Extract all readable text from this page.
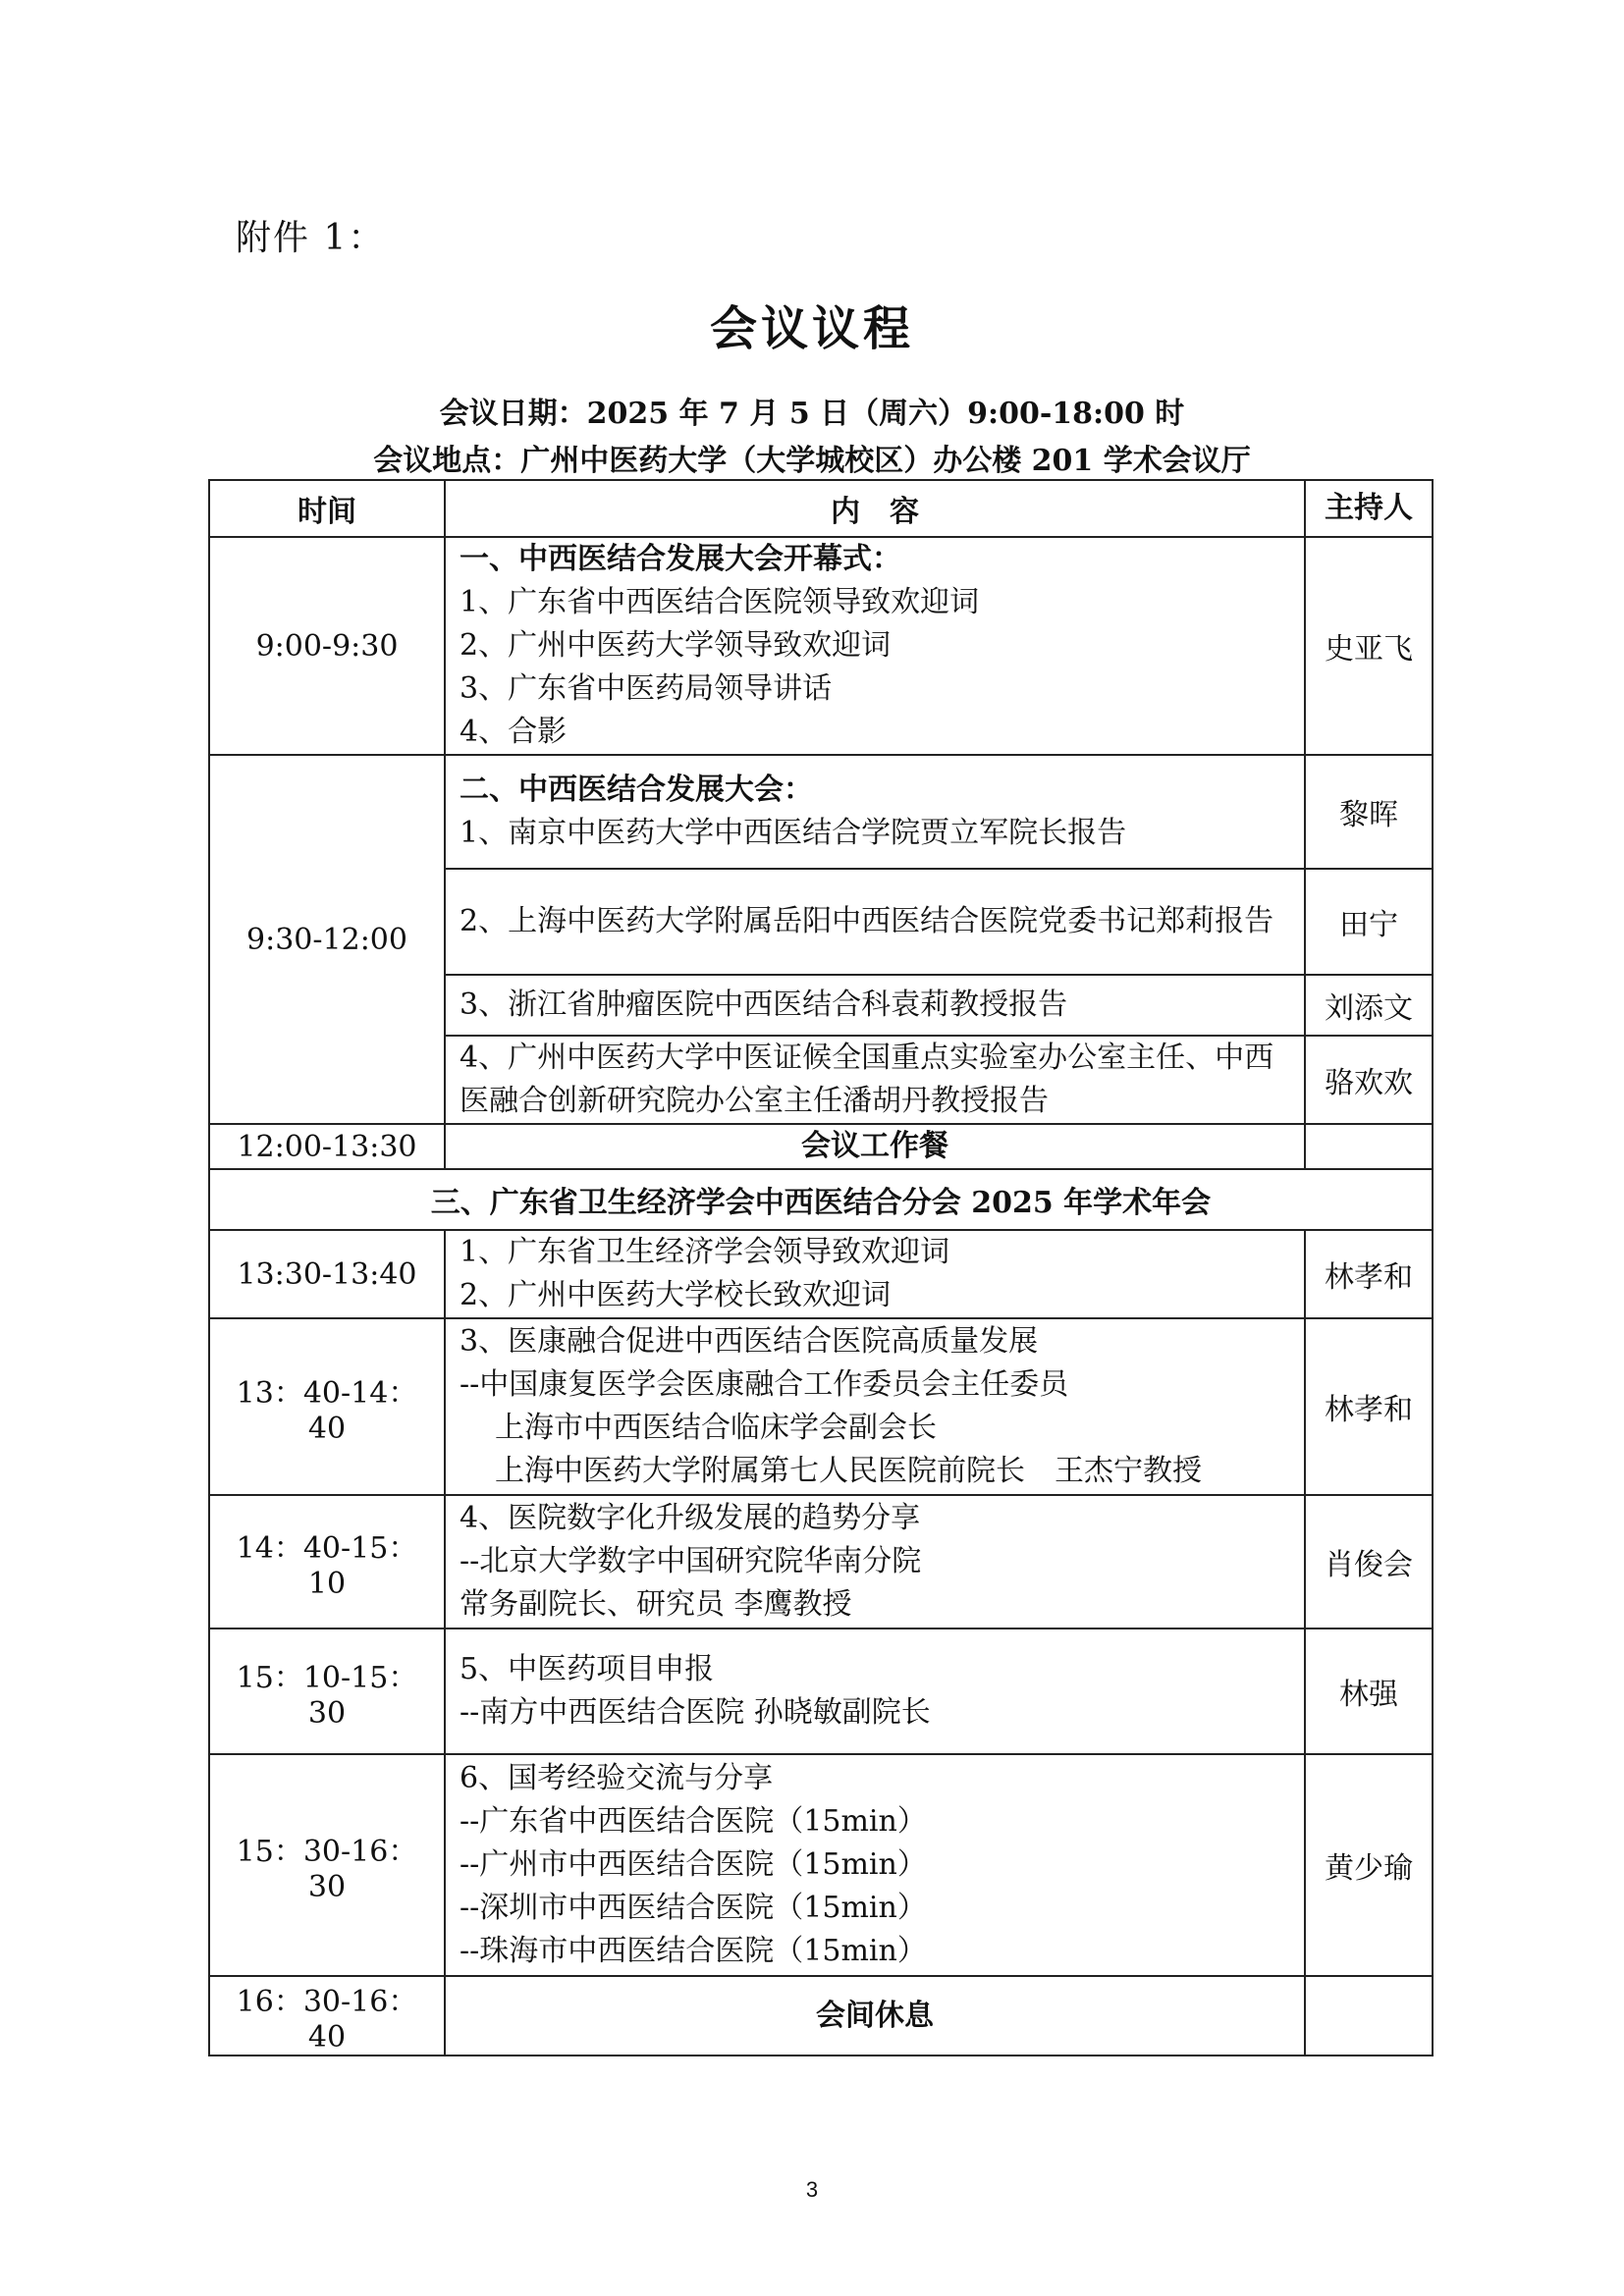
附件 1：
会议议程
会议日期：2025 年 7 月 5 日（周六）9:00-18:00 时
会议地点：广州中医药大学（大学城校区）办公楼 201 学术会议厅
时间	内　容	主持人
9:00-9:30	一、中西医结合发展大会开幕式：
1、广东省中西医结合医院领导致欢迎词
2、广州中医药大学领导致欢迎词
3、广东省中医药局领导讲话
4、合影	史亚飞
9:30-12:00	二、中西医结合发展大会：
1、南京中医药大学中西医结合学院贾立军院长报告	黎晖
	2、上海中医药大学附属岳阳中西医结合医院党委书记郑莉报告	田宁
	3、浙江省肿瘤医院中西医结合科袁莉教授报告	刘添文
	4、广州中医药大学中医证候全国重点实验室办公室主任、中西医融合创新研究院办公室主任潘胡丹教授报告	骆欢欢
12:00-13:30	会议工作餐	
三、广东省卫生经济学会中西医结合分会 2025 年学术年会		
13:30-13:40	1、广东省卫生经济学会领导致欢迎词
2、广州中医药大学校长致欢迎词	林孝和
13：40-14：40	3、医康融合促进中西医结合医院高质量发展
--中国康复医学会医康融合工作委员会主任委员
上海市中西医结合临床学会副会长
上海中医药大学附属第七人民医院前院长　王杰宁教授	林孝和
14：40-15：10	4、医院数字化升级发展的趋势分享
--北京大学数字中国研究院华南分院
常务副院长、研究员 李鹰教授	肖俊会
15：10-15：30	5、中医药项目申报
--南方中西医结合医院 孙晓敏副院长	林强
15：30-16：30	6、国考经验交流与分享
--广东省中西医结合医院（15min）
--广州市中西医结合医院（15min）
--深圳市中西医结合医院（15min）
--珠海市中西医结合医院（15min）	黄少瑜
16：30-16：40	会间休息	
3
